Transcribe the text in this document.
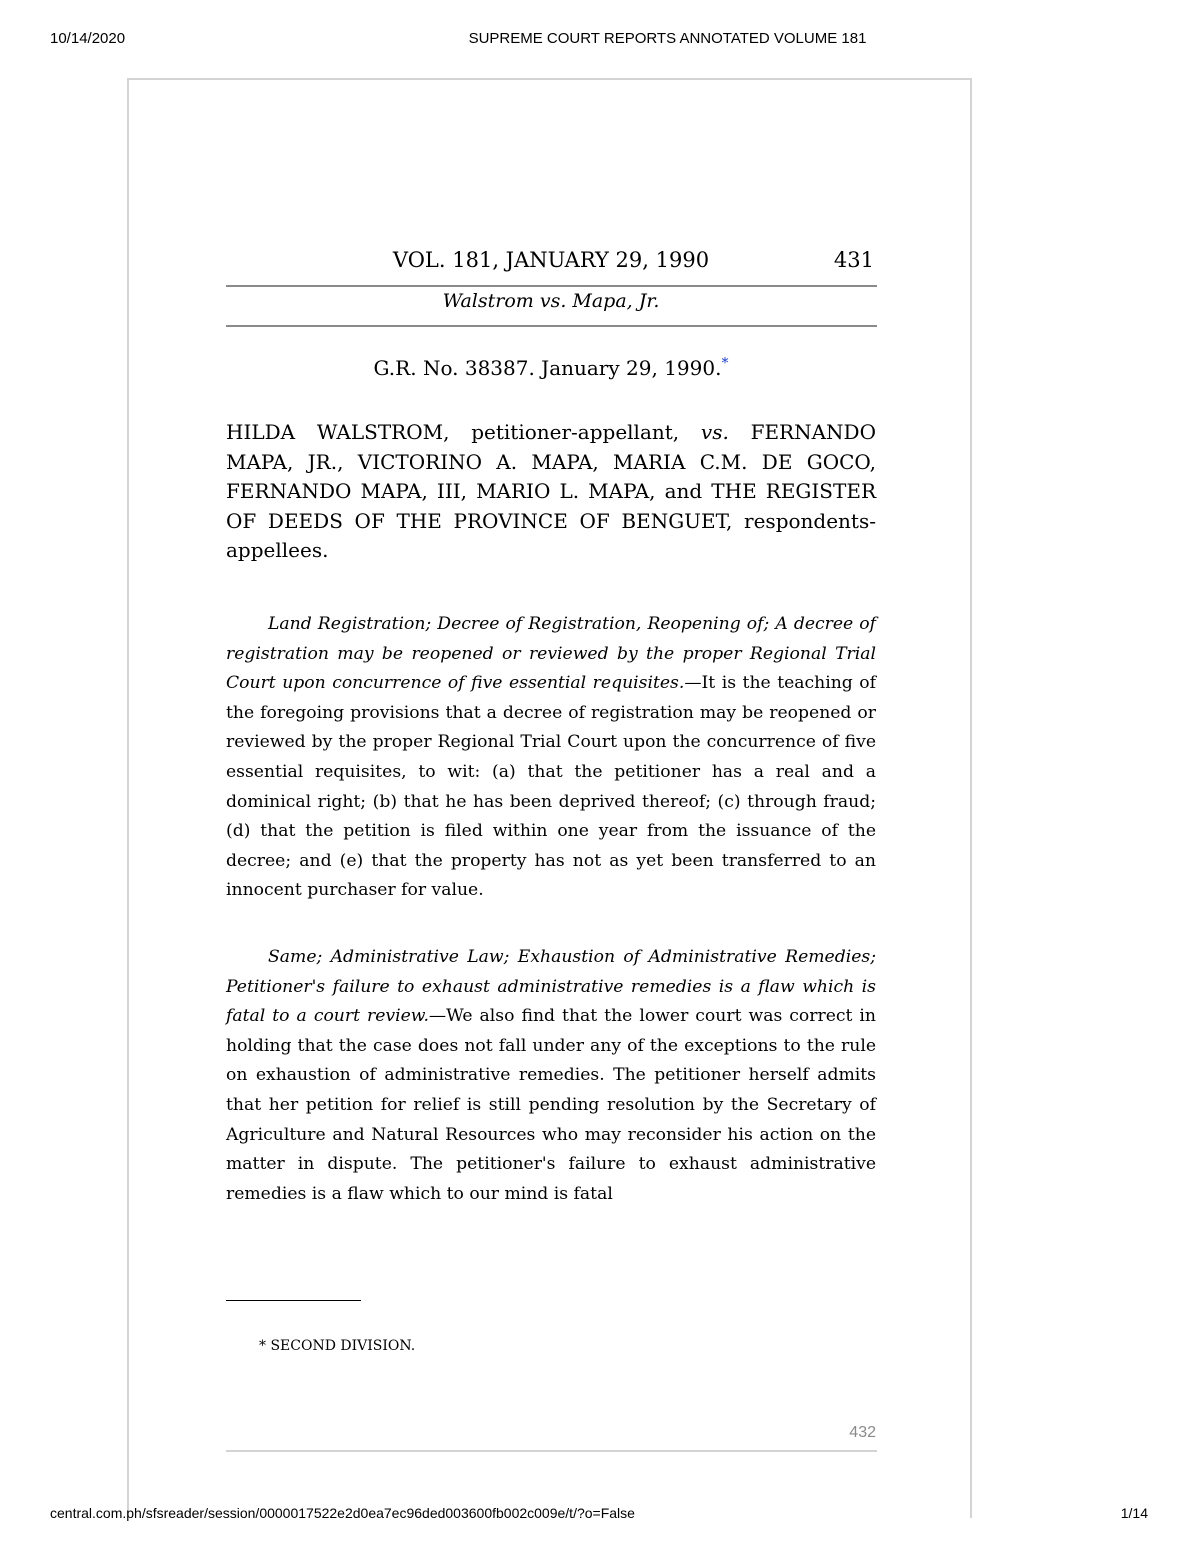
10/14/2020	SUPREME COURT REPORTS ANNOTATED VOLUME 181
VOL. 181, JANUARY 29, 1990	431
Walstrom vs. Mapa, Jr.
G.R. No. 38387. January 29, 1990.*
HILDA WALSTROM, petitioner-appellant, vs. FERNANDO MAPA, JR., VICTORINO A. MAPA, MARIA C.M. DE GOCO, FERNANDO MAPA, III, MARIO L. MAPA, and THE REGISTER OF DEEDS OF THE PROVINCE OF BENGUET, respondents-appellees.

Land Registration; Decree of Registration, Reopening of; A decree of registration may be reopened or reviewed by the proper Regional Trial Court upon concurrence of five essential requisites.—It is the teaching of the foregoing provisions that a decree of registration may be reopened or reviewed by the proper Regional Trial Court upon the concurrence of five essential requisites, to wit: (a) that the petitioner has a real and a dominical right; (b) that he has been deprived thereof; (c) through fraud; (d) that the petition is filed within one year from the issuance of the decree; and (e) that the property has not as yet been transferred to an innocent purchaser for value.

Same; Administrative Law; Exhaustion of Administrative Remedies; Petitioner's failure to exhaust administrative remedies is a flaw which is fatal to a court review.—We also find that the lower court was correct in holding that the case does not fall under any of the exceptions to the rule on exhaustion of administrative remedies. The petitioner herself admits that her petition for relief is still pending resolution by the Secretary of Agriculture and Natural Resources who may reconsider his action on the matter in dispute. The petitioner's failure to exhaust administrative remedies is a flaw which to our mind is fatal

* SECOND DIVISION.
432
central.com.ph/sfsreader/session/0000017522e2d0ea7ec96ded003600fb002c009e/t/?o=False	1/14
